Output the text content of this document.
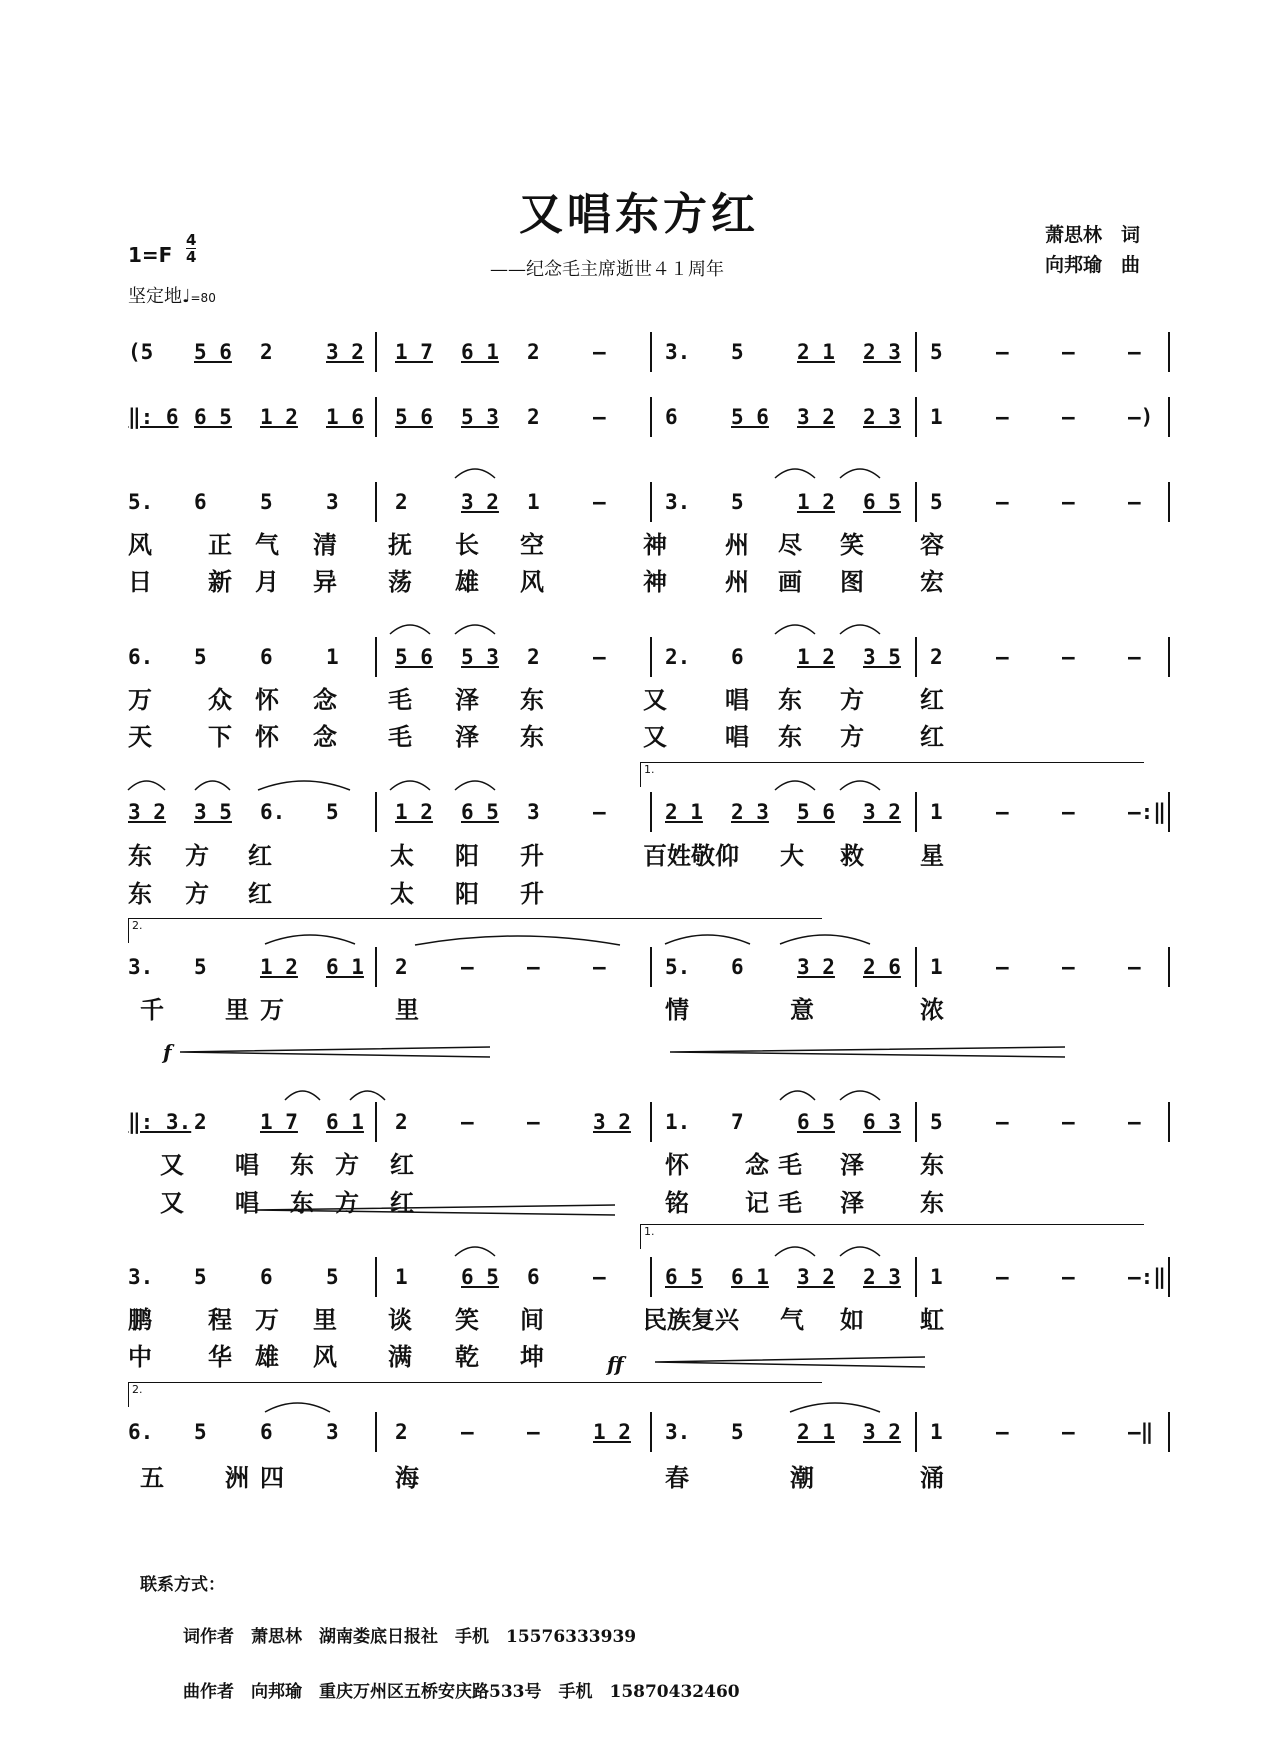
又唱东方红
——纪念毛主席逝世４１周年
萧思林　词
向邦瑜　曲
$1=F \frac{4}{4}$
坚定地♩=80
(5 5 6 2	3 2 1 7 6 1 2	–	3. 5	2 1 2 3 5	–	–	–
‖: 6 6 5 1 2 1 6 5 6 5 3 2	–	6	5 6 3 2 2 3 1	–	–	–)
5. 6	5	3	2	3 2 1	–	3. 5	1 2 6 5 5	–	–	–
6. 5	6	1	5 6 5 3 2	–	2. 6	1 2 3 5 2	–	–	–
3 2 3 5 6. 5	1 2 6 5 3	–	2 1 2 3 5 6 3 2 1	–	–	–:‖
3. 5	1 2 6 1 2	–	–	–	5. 6	3 2 2 6 1	–	–	–
‖: 3. 2	1 7 6 1 2	–	–	3 2 1. 7	6 5 6 3 5	–	–	–
3. 5	6	5	1	6 5 6	–	6 5 6 1 3 2 2 3 1	–	–	–:‖
6. 5	6	3	2	–	–	1 2 3. 5	2 1 3 2 1	–	–	–‖
风 正 气 清 抚 长 空	神 州 尽 笑 容
日 新 月 异 荡 雄 风	神 州 画 图 宏
万 众 怀 念 毛 泽 东	又 唱 东 方 红
天 下 怀 念 毛 泽 东	又 唱 东 方 红
东 方 红	太 阳 升	百姓敬仰 大 救 星
东 方 红	太 阳 升
千	里 万	里	情	意	浓
又 唱 东 方 红	怀 念 毛 泽 东
又 唱 东 方 红	铭 记 毛 泽 东
鹏 程 万 里 谈 笑 间	民族复兴 气 如 虹
中 华 雄 风 满 乾 坤
五	洲 四	海	春	潮	涌
1.
2.
1.
2.
f
ff
联系方式：
词作者　萧思林　湖南娄底日报社　手机　15576333939
曲作者　向邦瑜　重庆万州区五桥安庆路533号　手机　15870432460
